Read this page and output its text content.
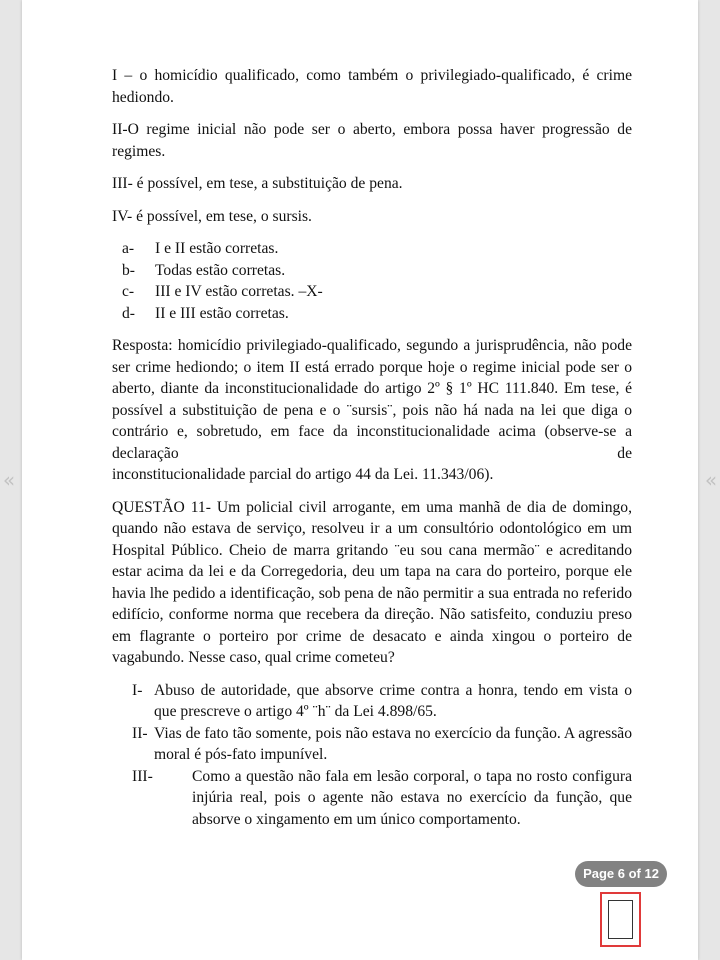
I – o homicídio qualificado, como também o privilegiado-qualificado, é crime hediondo.

II-O regime inicial não pode ser o aberto, embora possa haver progressão de regimes.

III- é possível, em tese, a substituição de pena.

IV- é possível, em tese, o sursis.

a-	I e II estão corretas.
b-	Todas estão corretas.
c-	III e IV estão corretas. –X-
d-	II e III estão corretas.

Resposta: homicídio privilegiado-qualificado, segundo a jurisprudência, não pode ser crime hediondo; o item II está errado porque hoje o regime inicial pode ser o aberto, diante da inconstitucionalidade do artigo 2º § 1º HC 111.840. Em tese, é possível a substituição de pena e o ¨sursis¨, pois não há nada na lei que diga o contrário e, sobretudo, em face da inconstitucionalidade acima (observe-se a declaração de

inconstitucionalidade parcial do artigo 44 da Lei. 11.343/06).

QUESTÃO 11- Um policial civil arrogante, em uma manhã de dia de domingo, quando não estava de serviço, resolveu ir a um consultório odontológico em um Hospital Público. Cheio de marra gritando ¨eu sou cana mermão¨ e acreditando estar acima da lei e da Corregedoria, deu um tapa na cara do porteiro, porque ele havia lhe pedido a identificação, sob pena de não permitir a sua entrada no referido edifício, conforme norma que recebera da direção. Não satisfeito, conduziu preso em flagrante o porteiro por crime de desacato e ainda xingou o porteiro de vagabundo. Nesse caso, qual crime cometeu?

I- Abuso de autoridade, que absorve crime contra a honra, tendo em vista o que prescreve o artigo 4º ¨h¨ da Lei 4.898/65.
II- Vias de fato tão somente, pois não estava no exercício da função. A agressão moral é pós-fato impunível.
III-	Como a questão não fala em lesão corporal, o tapa no rosto configura injúria real, pois o agente não estava no exercício da função, que absorve o xingamento em um único comportamento.
«	«
Page 6 of 12
